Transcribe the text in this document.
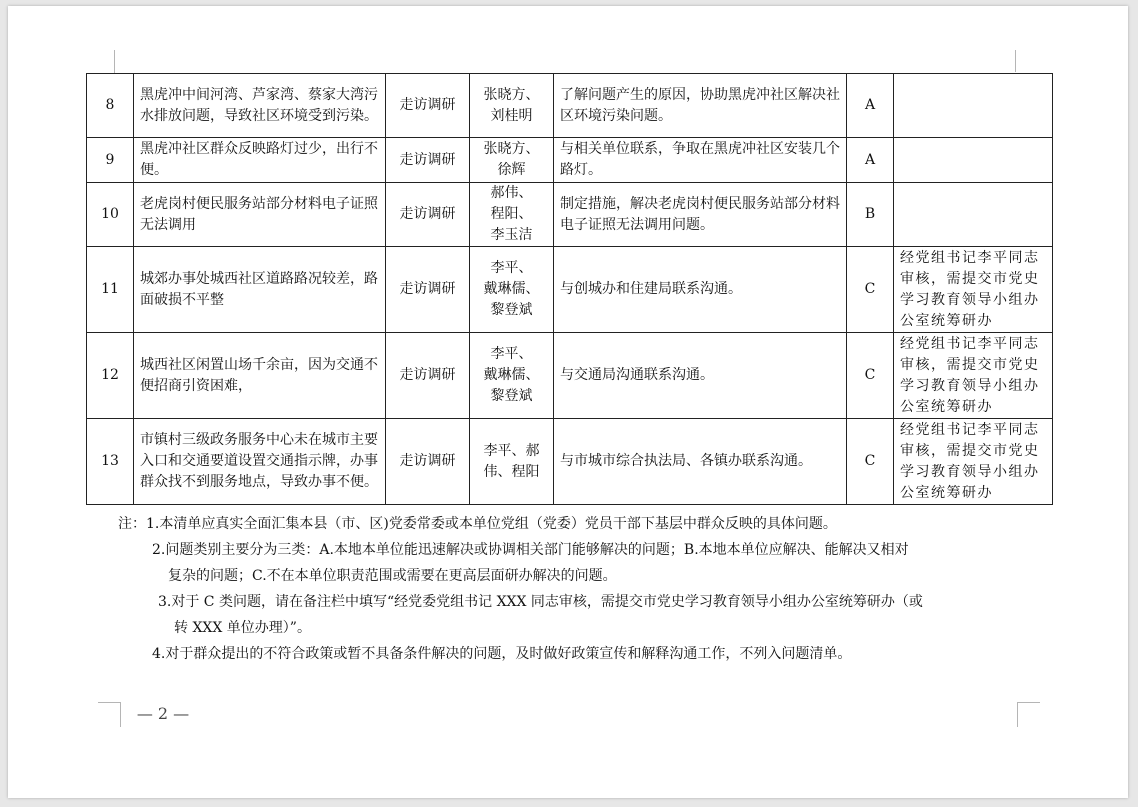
8	黑虎冲中间河湾、芦家湾、蔡家大湾污水排放问题，导致社区环境受到污染。	走访调研	张晓方、
刘桂明	了解问题产生的原因，协助黑虎冲社区解决社区环境污染问题。	A	
9	黑虎冲社区群众反映路灯过少，出行不便。	走访调研	张晓方、
徐辉	与相关单位联系，争取在黑虎冲社区安装几个路灯。	A	
10	老虎岗村便民服务站部分材料电子证照无法调用	走访调研	郝伟、
程阳、
李玉洁	制定措施，解决老虎岗村便民服务站部分材料电子证照无法调用问题。	B	
11	城郊办事处城西社区道路路况较差，路面破损不平整	走访调研	李平、
戴琳儒、
黎登斌	与创城办和住建局联系沟通。	C	经党组书记李平同志审核，需提交市党史学习教育领导小组办公室统筹研办
12	城西社区闲置山场千余亩，因为交通不便招商引资困难，	走访调研	李平、
戴琳儒、
黎登斌	与交通局沟通联系沟通。	C	经党组书记李平同志审核，需提交市党史学习教育领导小组办公室统筹研办
13	市镇村三级政务服务中心未在城市主要入口和交通要道设置交通指示牌，办事群众找不到服务地点，导致办事不便。	走访调研	李平、郝
伟、程阳	与市城市综合执法局、各镇办联系沟通。	C	经党组书记李平同志审核，需提交市党史学习教育领导小组办公室统筹研办
注：1.本清单应真实全面汇集本县（市、区)党委常委或本单位党组（党委）党员干部下基层中群众反映的具体问题。
2.问题类别主要分为三类：A.本地本单位能迅速解决或协调相关部门能够解决的问题；B.本地本单位应解决、能解决又相对
复杂的问题；C.不在本单位职责范围或需要在更高层面研办解决的问题。
3.对于 C 类问题，请在备注栏中填写“经党委党组书记 XXX 同志审核，需提交市党史学习教育领导小组办公室统筹研办（或
转 XXX 单位办理）”。
4.对于群众提出的不符合政策或暂不具备条件解决的问题，及时做好政策宣传和解释沟通工作，不列入问题清单。
— 2 —
